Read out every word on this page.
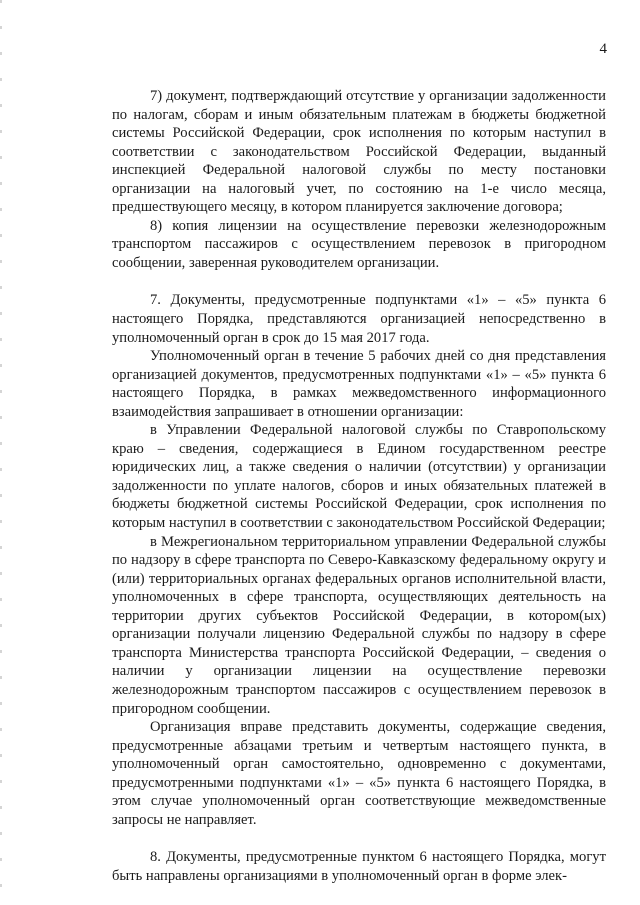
4

7) документ, подтверждающий отсутствие у организации задолженности по налогам, сборам и иным обязательным платежам в бюджеты бюджетной системы Российской Федерации, срок исполнения по которым наступил в соответствии с законодательством Российской Федерации, выданный инспекцией Федеральной налоговой службы по месту постановки организации на налоговый учет, по состоянию на 1-е число месяца, предшествующего месяцу, в котором планируется заключение договора;

8) копия лицензии на осуществление перевозки железнодорожным транспортом пассажиров с осуществлением перевозок в пригородном сообщении, заверенная руководителем организации.

7. Документы, предусмотренные подпунктами «1» – «5» пункта 6 настоящего Порядка, представляются организацией непосредственно в уполномоченный орган в срок до 15 мая 2017 года.

Уполномоченный орган в течение 5 рабочих дней со дня представления организацией документов, предусмотренных подпунктами «1» – «5» пункта 6 настоящего Порядка, в рамках межведомственного информационного взаимодействия запрашивает в отношении организации:

в Управлении Федеральной налоговой службы по Ставропольскому краю – сведения, содержащиеся в Едином государственном реестре юридических лиц, а также сведения о наличии (отсутствии) у организации задолженности по уплате налогов, сборов и иных обязательных платежей в бюджеты бюджетной системы Российской Федерации, срок исполнения по которым наступил в соответствии с законодательством Российской Федерации;

в Межрегиональном территориальном управлении Федеральной службы по надзору в сфере транспорта по Северо-Кавказскому федеральному округу и (или) территориальных органах федеральных органов исполнительной власти, уполномоченных в сфере транспорта, осуществляющих деятельность на территории других субъектов Российской Федерации, в котором(ых) организации получали лицензию Федеральной службы по надзору в сфере транспорта Министерства транспорта Российской Федерации, – сведения о наличии у организации лицензии на осуществление перевозки железнодорожным транспортом пассажиров с осуществлением перевозок в пригородном сообщении.

Организация вправе представить документы, содержащие сведения, предусмотренные абзацами третьим и четвертым настоящего пункта, в уполномоченный орган самостоятельно, одновременно с документами, предусмотренными подпунктами «1» – «5» пункта 6 настоящего Порядка, в этом случае уполномоченный орган соответствующие межведомственные запросы не направляет.

8. Документы, предусмотренные пунктом 6 настоящего Порядка, могут быть направлены организациями в уполномоченный орган в форме элек-
